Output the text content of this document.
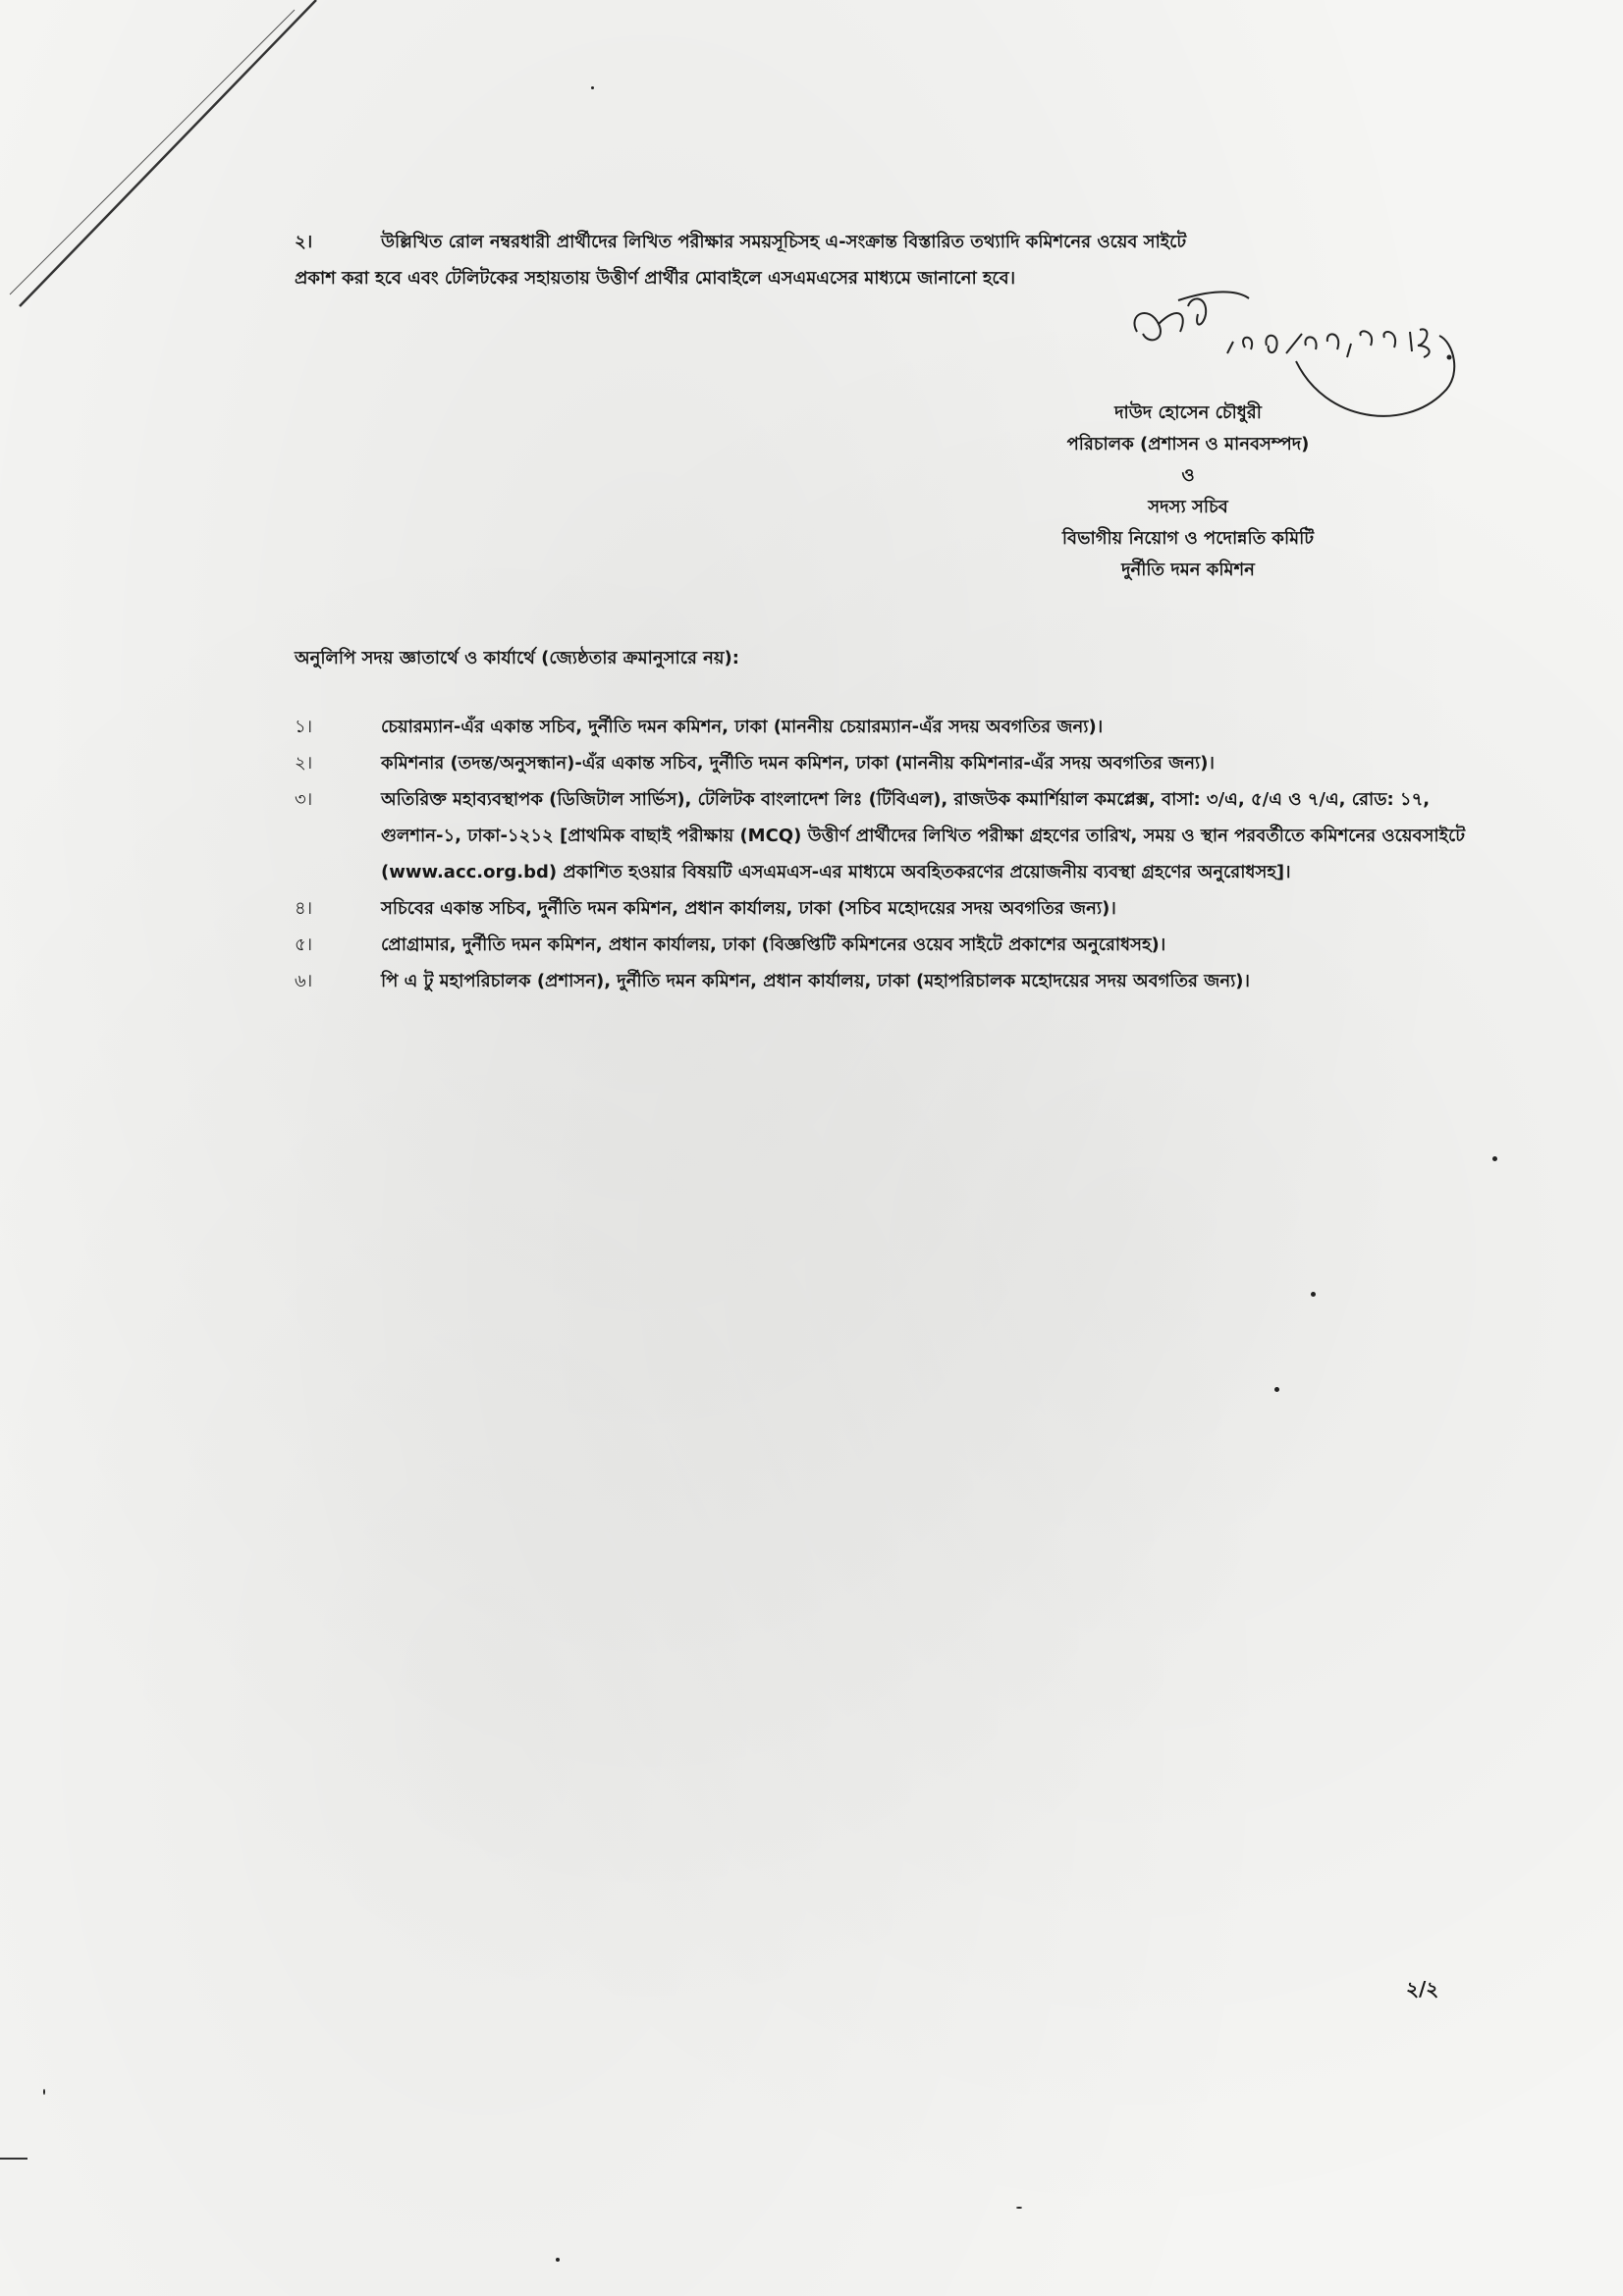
২।	উল্লিখিত রোল নম্বরধারী প্রার্থীদের লিখিত পরীক্ষার সময়সূচিসহ এ-সংক্রান্ত বিস্তারিত তথ্যাদি কমিশনের ওয়েব সাইটে
প্রকাশ করা হবে এবং টেলিটকের সহায়তায় উত্তীর্ণ প্রার্থীর মোবাইলে এসএমএসের মাধ্যমে জানানো হবে।
দাউদ হোসেন চৌধুরী
পরিচালক (প্রশাসন ও মানবসম্পদ)
ও
সদস্য সচিব
বিভাগীয় নিয়োগ ও পদোন্নতি কমিটি
দুর্নীতি দমন কমিশন
অনুলিপি সদয় জ্ঞাতার্থে ও কার্যার্থে (জ্যেষ্ঠতার ক্রমানুসারে নয়):
১।	চেয়ারম্যান-এঁর একান্ত সচিব, দুর্নীতি দমন কমিশন, ঢাকা (মাননীয় চেয়ারম্যান-এঁর সদয় অবগতির জন্য)।
২।	কমিশনার (তদন্ত/অনুসন্ধান)-এঁর একান্ত সচিব, দুর্নীতি দমন কমিশন, ঢাকা (মাননীয় কমিশনার-এঁর সদয় অবগতির জন্য)।
৩।	অতিরিক্ত মহাব্যবস্থাপক (ডিজিটাল সার্ভিস), টেলিটক বাংলাদেশ লিঃ (টিবিএল), রাজউক কমার্শিয়াল কমপ্লেক্স, বাসা: ৩/এ, ৫/এ ও ৭/এ, রোড: ১৭, গুলশান-১, ঢাকা-১২১২ [প্রাথমিক বাছাই পরীক্ষায় (MCQ) উত্তীর্ণ প্রার্থীদের লিখিত পরীক্ষা গ্রহণের তারিখ, সময় ও স্থান পরবর্তীতে কমিশনের ওয়েবসাইটে (www.acc.org.bd) প্রকাশিত হওয়ার বিষয়টি এসএমএস-এর মাধ্যমে অবহিতকরণের প্রয়োজনীয় ব্যবস্থা গ্রহণের অনুরোধসহ]।
৪।	সচিবের একান্ত সচিব, দুর্নীতি দমন কমিশন, প্রধান কার্যালয়, ঢাকা (সচিব মহোদয়ের সদয় অবগতির জন্য)।
৫।	প্রোগ্রামার, দুর্নীতি দমন কমিশন, প্রধান কার্যালয়, ঢাকা (বিজ্ঞপ্তিটি কমিশনের ওয়েব সাইটে প্রকাশের অনুরোধসহ)।
৬।	পি এ টু মহাপরিচালক (প্রশাসন), দুর্নীতি দমন কমিশন, প্রধান কার্যালয়, ঢাকা (মহাপরিচালক মহোদয়ের সদয় অবগতির জন্য)।
২/২
